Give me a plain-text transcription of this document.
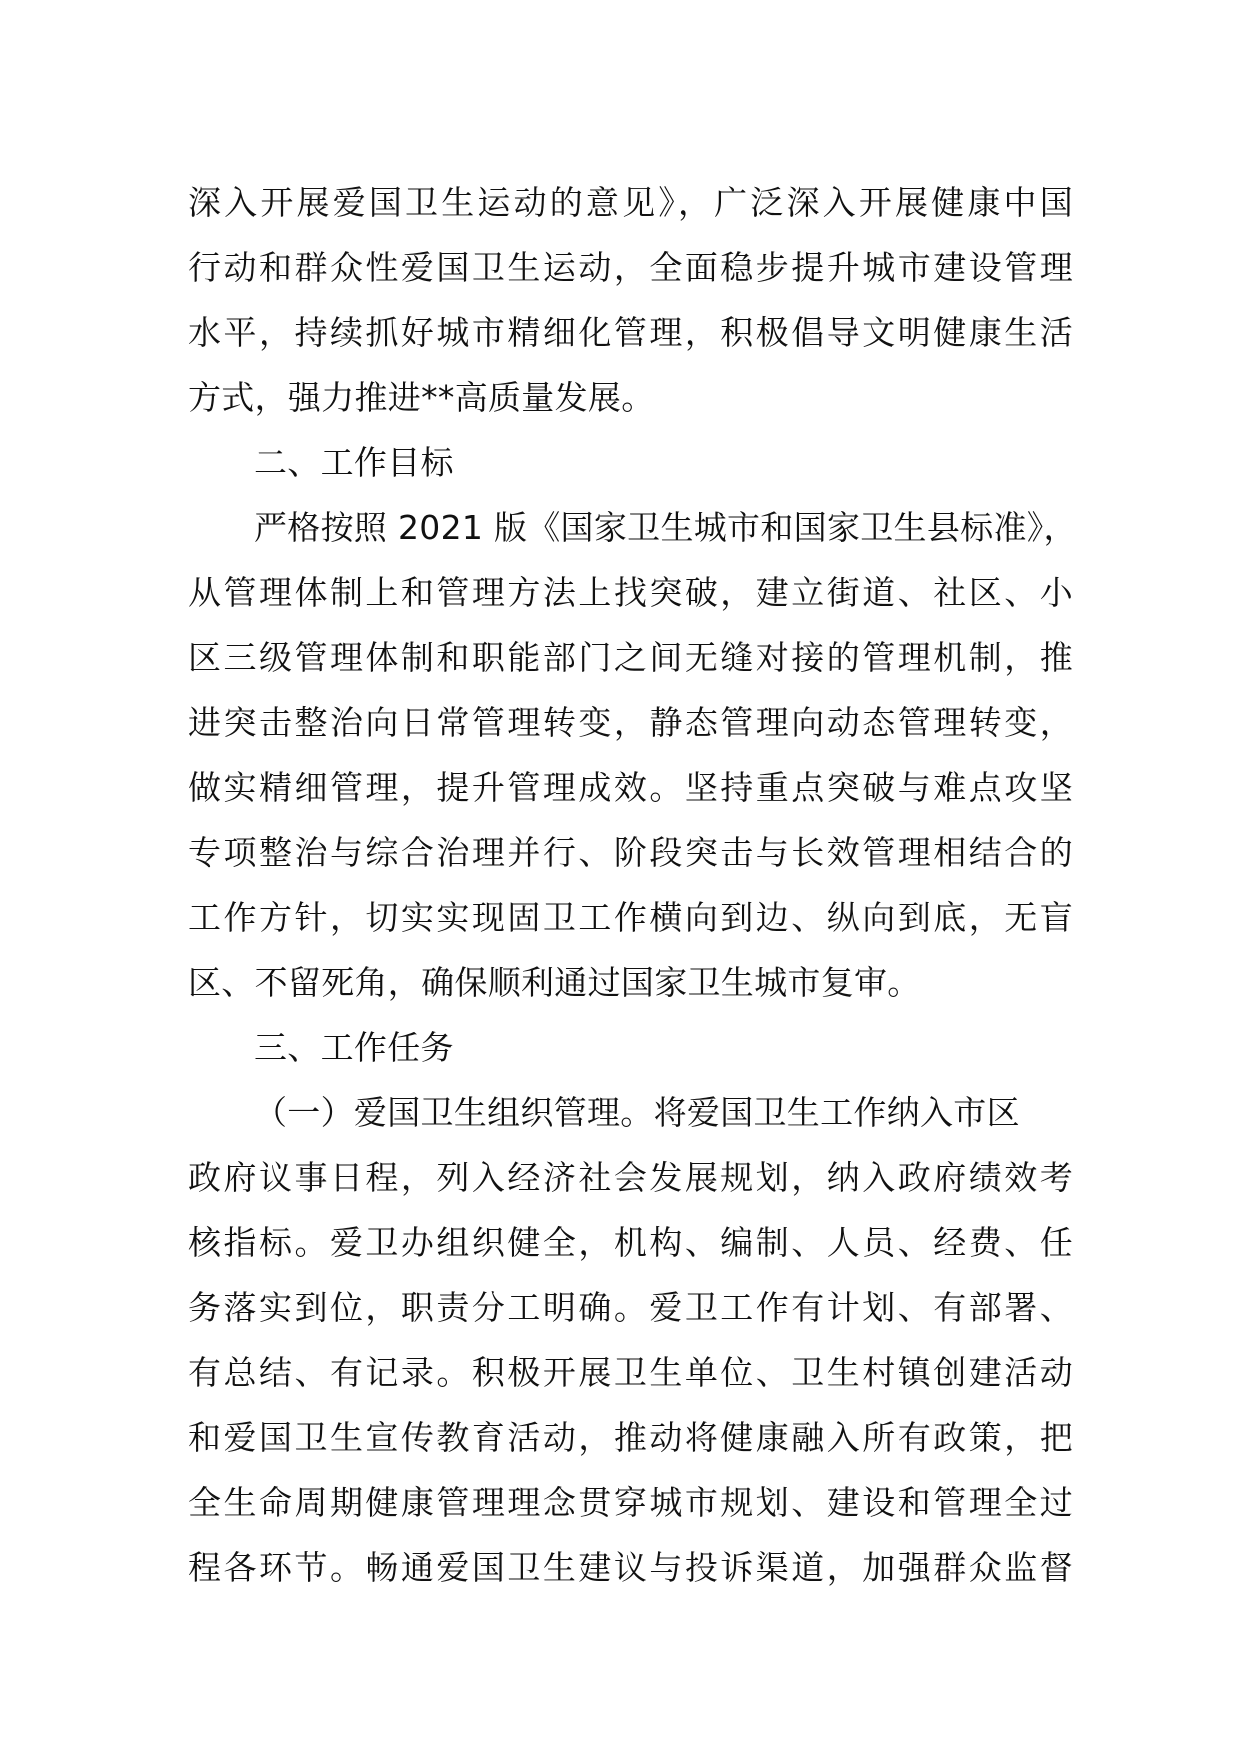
深入开展爱国卫生运动的意见》，广泛深入开展健康中国
行动和群众性爱国卫生运动，全面稳步提升城市建设管理
水平，持续抓好城市精细化管理，积极倡导文明健康生活
方式，强力推进**高质量发展。
二、工作目标
严格按照 2021 版《国家卫生城市和国家卫生县标准》，
从管理体制上和管理方法上找突破，建立街道、社区、小
区三级管理体制和职能部门之间无缝对接的管理机制，推
进突击整治向日常管理转变，静态管理向动态管理转变，
做实精细管理，提升管理成效。坚持重点突破与难点攻坚
专项整治与综合治理并行、阶段突击与长效管理相结合的
工作方针，切实实现固卫工作横向到边、纵向到底，无盲
区、不留死角，确保顺利通过国家卫生城市复审。
三、工作任务
（一）爱国卫生组织管理。将爱国卫生工作纳入市区
政府议事日程，列入经济社会发展规划，纳入政府绩效考
核指标。爱卫办组织健全，机构、编制、人员、经费、任
务落实到位，职责分工明确。爱卫工作有计划、有部署、
有总结、有记录。积极开展卫生单位、卫生村镇创建活动
和爱国卫生宣传教育活动，推动将健康融入所有政策，把
全生命周期健康管理理念贯穿城市规划、建设和管理全过
程各环节。畅通爱国卫生建议与投诉渠道，加强群众监督
